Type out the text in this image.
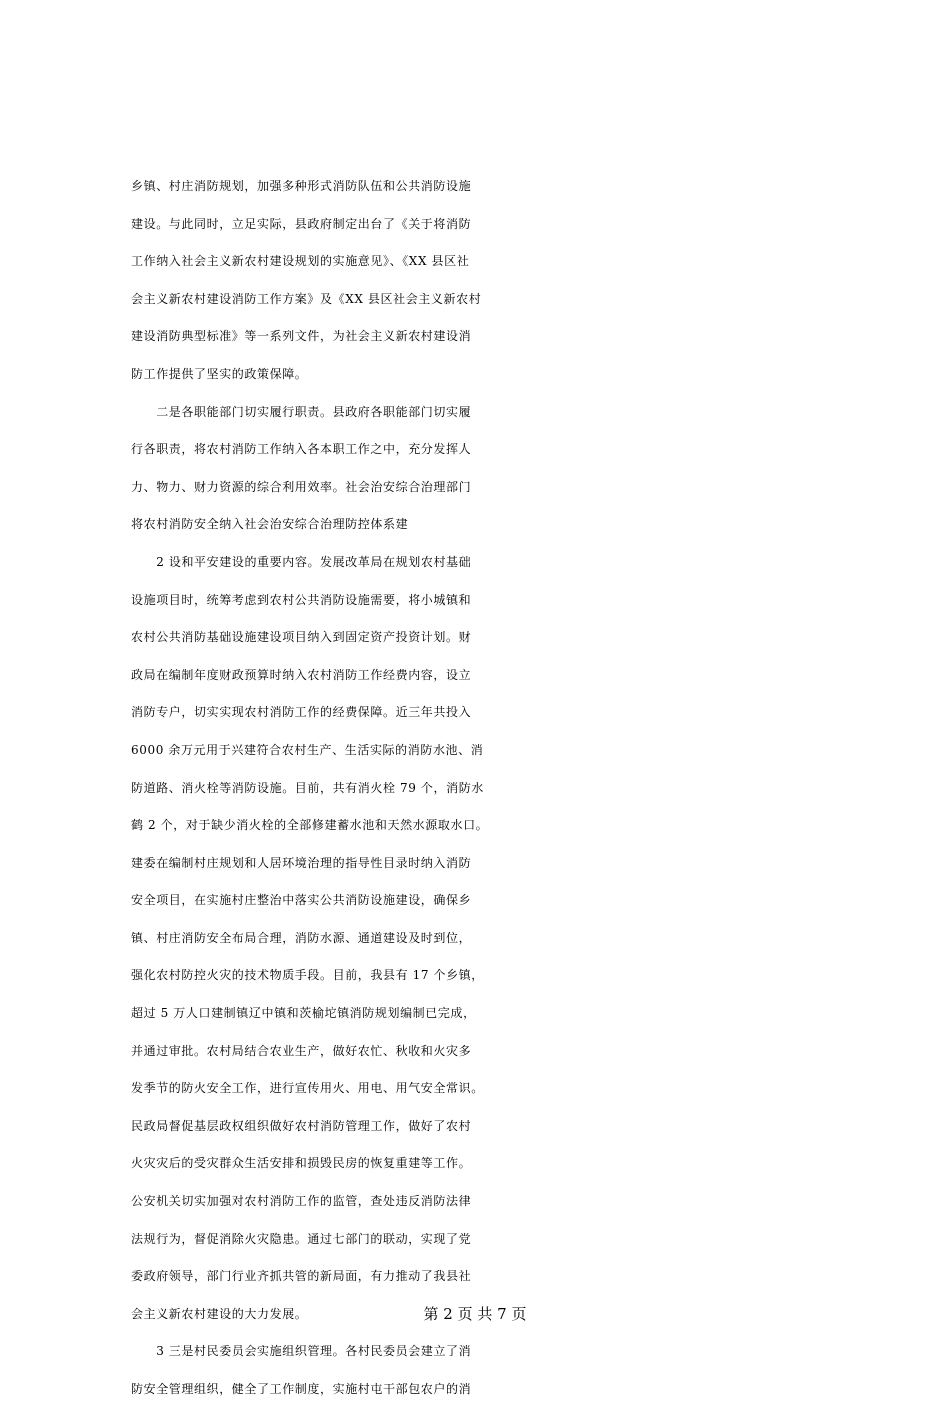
乡镇、村庄消防规划，加强多种形式消防队伍和公共消防设施
建设。与此同时，立足实际，县政府制定出台了《关于将消防
工作纳入社会主义新农村建设规划的实施意见》、《XX 县区社
会主义新农村建设消防工作方案》及《XX 县区社会主义新农村
建设消防典型标准》等一系列文件，为社会主义新农村建设消
防工作提供了坚实的政策保障。
　　二是各职能部门切实履行职责。县政府各职能部门切实履
行各职责，将农村消防工作纳入各本职工作之中，充分发挥人
力、物力、财力资源的综合利用效率。社会治安综合治理部门
将农村消防安全纳入社会治安综合治理防控体系建
　　2 设和平安建设的重要内容。发展改革局在规划农村基础
设施项目时，统筹考虑到农村公共消防设施需要，将小城镇和
农村公共消防基础设施建设项目纳入到固定资产投资计划。财
政局在编制年度财政预算时纳入农村消防工作经费内容，设立
消防专户，切实实现农村消防工作的经费保障。近三年共投入
6000 余万元用于兴建符合农村生产、生活实际的消防水池、消
防道路、消火栓等消防设施。目前，共有消火栓 79 个，消防水
鹤 2 个，对于缺少消火栓的全部修建蓄水池和天然水源取水口。
建委在编制村庄规划和人居环境治理的指导性目录时纳入消防
安全项目，在实施村庄整治中落实公共消防设施建设，确保乡
镇、村庄消防安全布局合理，消防水源、通道建设及时到位，
强化农村防控火灾的技术物质手段。目前，我县有 17 个乡镇，
超过 5 万人口建制镇辽中镇和茨榆坨镇消防规划编制已完成，
并通过审批。农村局结合农业生产，做好农忙、秋收和火灾多
发季节的防火安全工作，进行宣传用火、用电、用气安全常识。
民政局督促基层政权组织做好农村消防管理工作，做好了农村
火灾灾后的受灾群众生活安排和损毁民房的恢复重建等工作。
公安机关切实加强对农村消防工作的监管，查处违反消防法律
法规行为，督促消除火灾隐患。通过七部门的联动，实现了党
委政府领导，部门行业齐抓共管的新局面，有力推动了我县社
会主义新农村建设的大力发展。
　　3 三是村民委员会实施组织管理。各村民委员会建立了消
防安全管理组织，健全了工作制度，实施村屯干部包农户的消
第 2 页 共 7 页
